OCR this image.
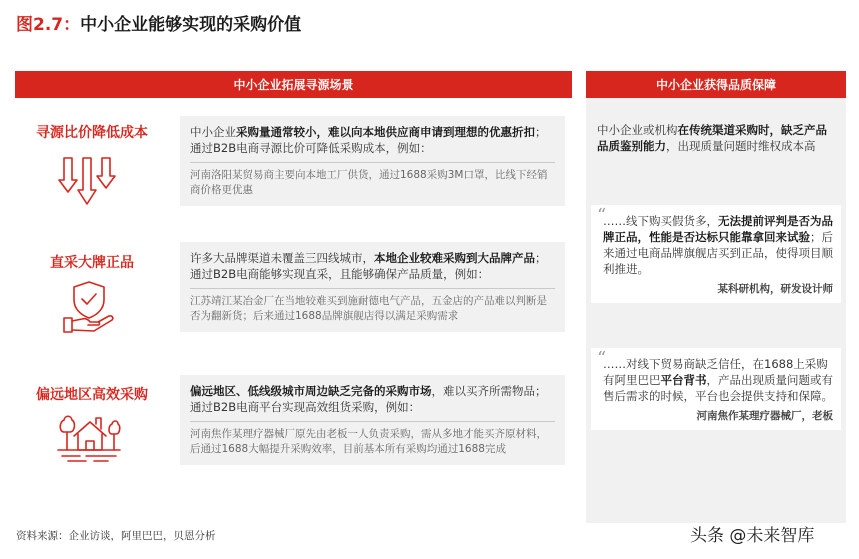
图2.7：中小企业能够实现的采购价值
中小企业拓展寻源场景	中小企业获得品质保障
寻源比价降低成本	中小企业采购量通常较小，难以向本地供应商申请到理想的优惠折扣；通过B2B电商寻源比价可降低采购成本，例如：
河南洛阳某贸易商主要向本地工厂供货，通过1688采购3M口罩，比线下经销商价格更优惠
直采大牌正品	许多大品牌渠道未覆盖三四线城市，本地企业较难采购到大品牌产品；通过B2B电商能够实现直采，且能够确保产品质量，例如：
江苏靖江某冶金厂在当地较难买到施耐德电气产品，五金店的产品难以判断是否为翻新货；后来通过1688品牌旗舰店得以满足采购需求
偏远地区高效采购	偏远地区、低线级城市周边缺乏完备的采购市场，难以买齐所需物品；通过B2B电商平台实现高效组货采购，例如：
河南焦作某理疗器械厂原先由老板一人负责采购，需从多地才能买齐原材料，后通过1688大幅提升采购效率，目前基本所有采购均通过1688完成
中小企业或机构在传统渠道采购时，缺乏产品品质鉴别能力，出现质量问题时维权成本高
“
……线下购买假货多，无法提前评判是否为品牌正品，性能是否达标只能靠拿回来试验；后来通过电商品牌旗舰店买到正品，使得项目顺利推进。
某科研机构，研发设计师
“
……对线下贸易商缺乏信任，在1688上采购有阿里巴巴平台背书，产品出现质量问题或有售后需求的时候，平台也会提供支持和保障。
河南焦作某理疗器械厂，老板
资料来源：企业访谈，阿里巴巴，贝恩分析	头条 @未来智库
